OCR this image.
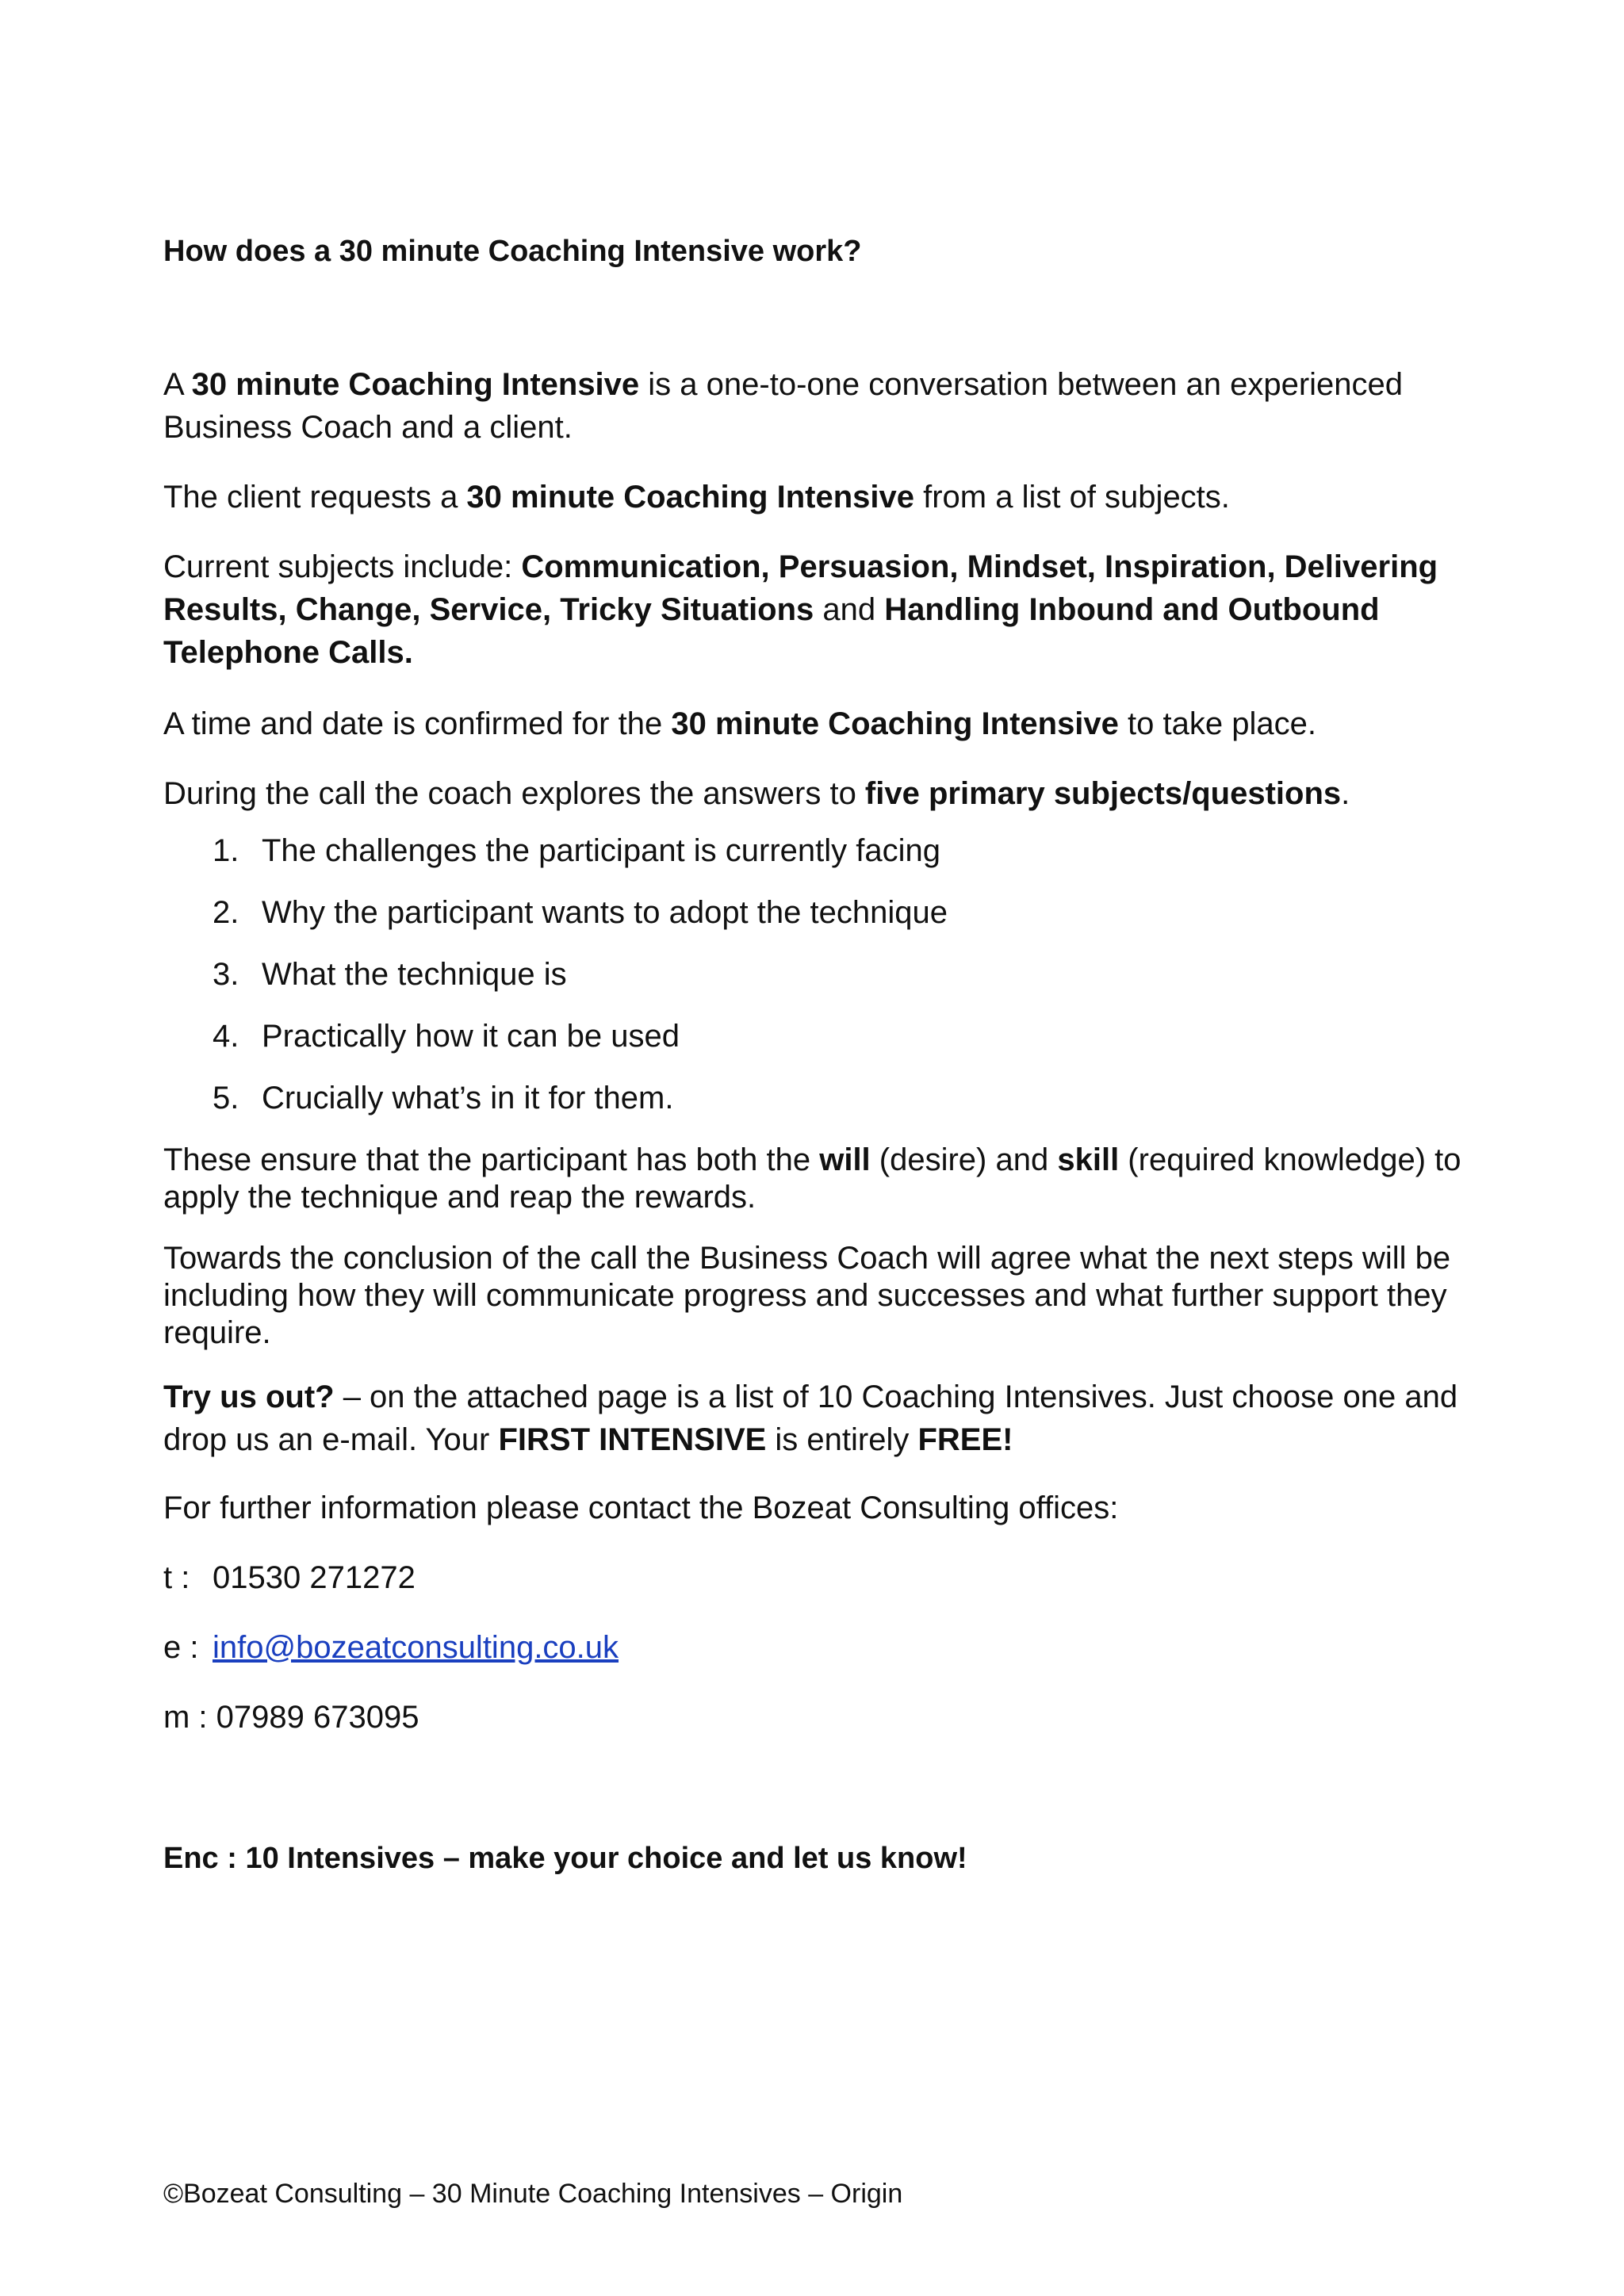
How does a 30 minute Coaching Intensive work?

A 30 minute Coaching Intensive is a one-to-one conversation between an experienced Business Coach and a client.

The client requests a 30 minute Coaching Intensive from a list of subjects.

Current subjects include: Communication, Persuasion, Mindset, Inspiration, Delivering Results, Change, Service, Tricky Situations and Handling Inbound and Outbound Telephone Calls.

A time and date is confirmed for the 30 minute Coaching Intensive to take place.

During the call the coach explores the answers to five primary subjects/questions.

1. The challenges the participant is currently facing
2. Why the participant wants to adopt the technique
3. What the technique is
4. Practically how it can be used
5. Crucially what’s in it for them.

These ensure that the participant has both the will (desire) and skill (required knowledge) to apply the technique and reap the rewards.

Towards the conclusion of the call the Business Coach will agree what the next steps will be including how they will communicate progress and successes and what further support they require.

Try us out? – on the attached page is a list of 10 Coaching Intensives. Just choose one and drop us an e-mail. Your FIRST INTENSIVE is entirely FREE!

For further information please contact the Bozeat Consulting offices:

t : 01530 271272
e : info@bozeatconsulting.co.uk
m : 07989 673095

Enc : 10 Intensives – make your choice and let us know!

©Bozeat Consulting – 30 Minute Coaching Intensives – Origin
